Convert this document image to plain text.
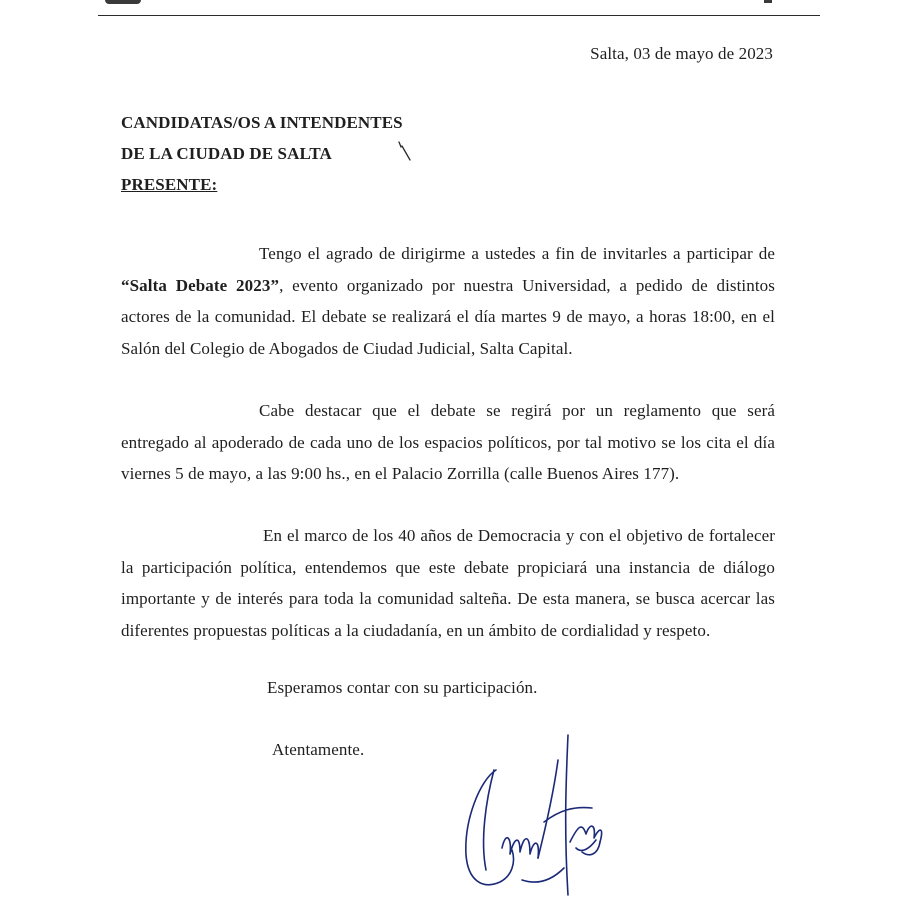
Salta, 03 de mayo de 2023
CANDIDATAS/OS A INTENDENTES
DE LA CIUDAD DE SALTA
PRESENTE:
Tengo el agrado de dirigirme a ustedes a fin de invitarles a participar de “Salta Debate 2023”, evento organizado por nuestra Universidad, a pedido de distintos actores de la comunidad. El debate se realizará el día martes 9 de mayo, a horas 18:00, en el Salón del Colegio de Abogados de Ciudad Judicial, Salta Capital.
Cabe destacar que el debate se regirá por un reglamento que será entregado al apoderado de cada uno de los espacios políticos, por tal motivo se los cita el día viernes 5 de mayo, a las 9:00 hs., en el Palacio Zorrilla (calle Buenos Aires 177).
En el marco de los 40 años de Democracia y con el objetivo de fortalecer la participación política, entendemos que este debate propiciará una instancia de diálogo importante y de interés para toda la comunidad salteña. De esta manera, se busca acercar las diferentes propuestas políticas a la ciudadanía, en un ámbito de cordialidad y respeto.
Esperamos contar con su participación.
Atentamente.
